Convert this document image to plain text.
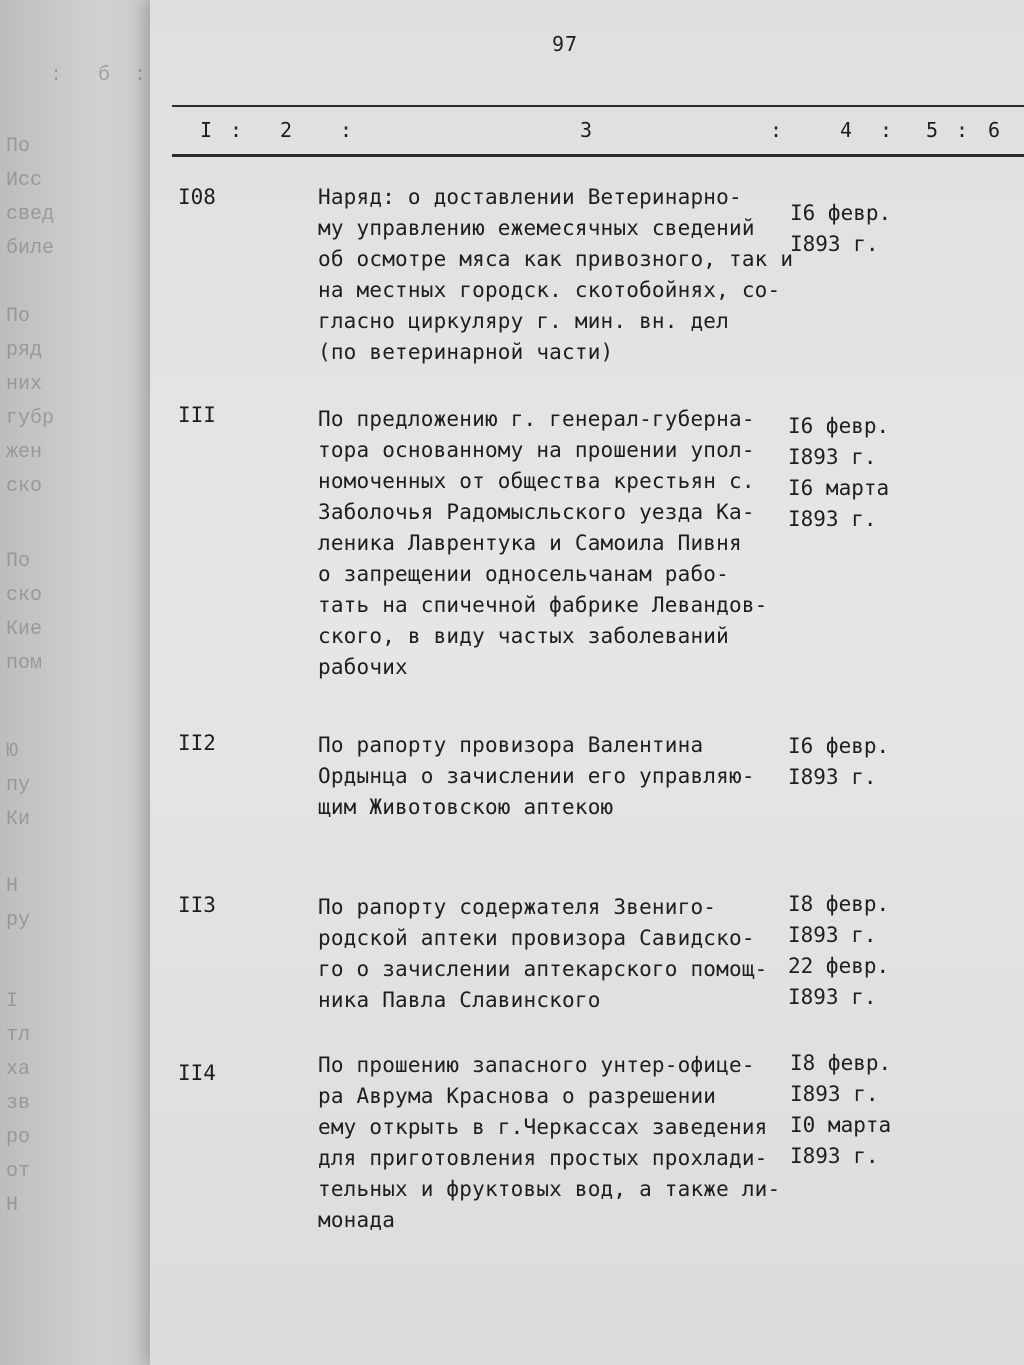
:   б  :
По
Исс
свед
биле
По
ряд
них
губр
жен
ско
По
ско
Кие
пом
Ю
пу
Ки
Н
ру
I
тл
ха
зв
ро
от
Н
97
I : 2 :	3	:	4 : 5 : 6
I08	Наряд: о доставлении Ветеринарно-
му управлению ежемесячных сведений
об осмотре мяса как привозного, так и
на местных городск. скотобойнях, со-
гласно циркуляру г. мин. вн. дел
(по ветеринарной части)
I6 февр.
I893 г.
III	По предложению г. генерал-губерна-
тора основанному на прошении упол-
номоченных от общества крестьян с.
Заболочья Радомысльского уезда Ка-
леника Лаврентука и Самоила Пивня
о запрещении односельчанам рабо-
тать на спичечной фабрике Левандов-
ского, в виду частых заболеваний
рабочих
I6 февр.
I893 г.
I6 марта
I893 г.
II2	По рапорту провизора Валентина
Ордынца о зачислении его управляю-
щим Животовскою аптекою
I6 февр.
I893 г.
II3	По рапорту содержателя Звениго-
родской аптеки провизора Савидско-
го о зачислении аптекарского помощ-
ника Павла Славинского
I8 февр.
I893 г.
22 февр.
I893 г.
II4	По прошению запасного унтер-офице-
ра Аврума Краснова о разрешении
ему открыть в г.Черкассах заведения
для приготовления простых прохлади-
тельных и фруктовых вод, а также ли-
монада
I8 февр.
I893 г.
I0 марта
I893 г.
